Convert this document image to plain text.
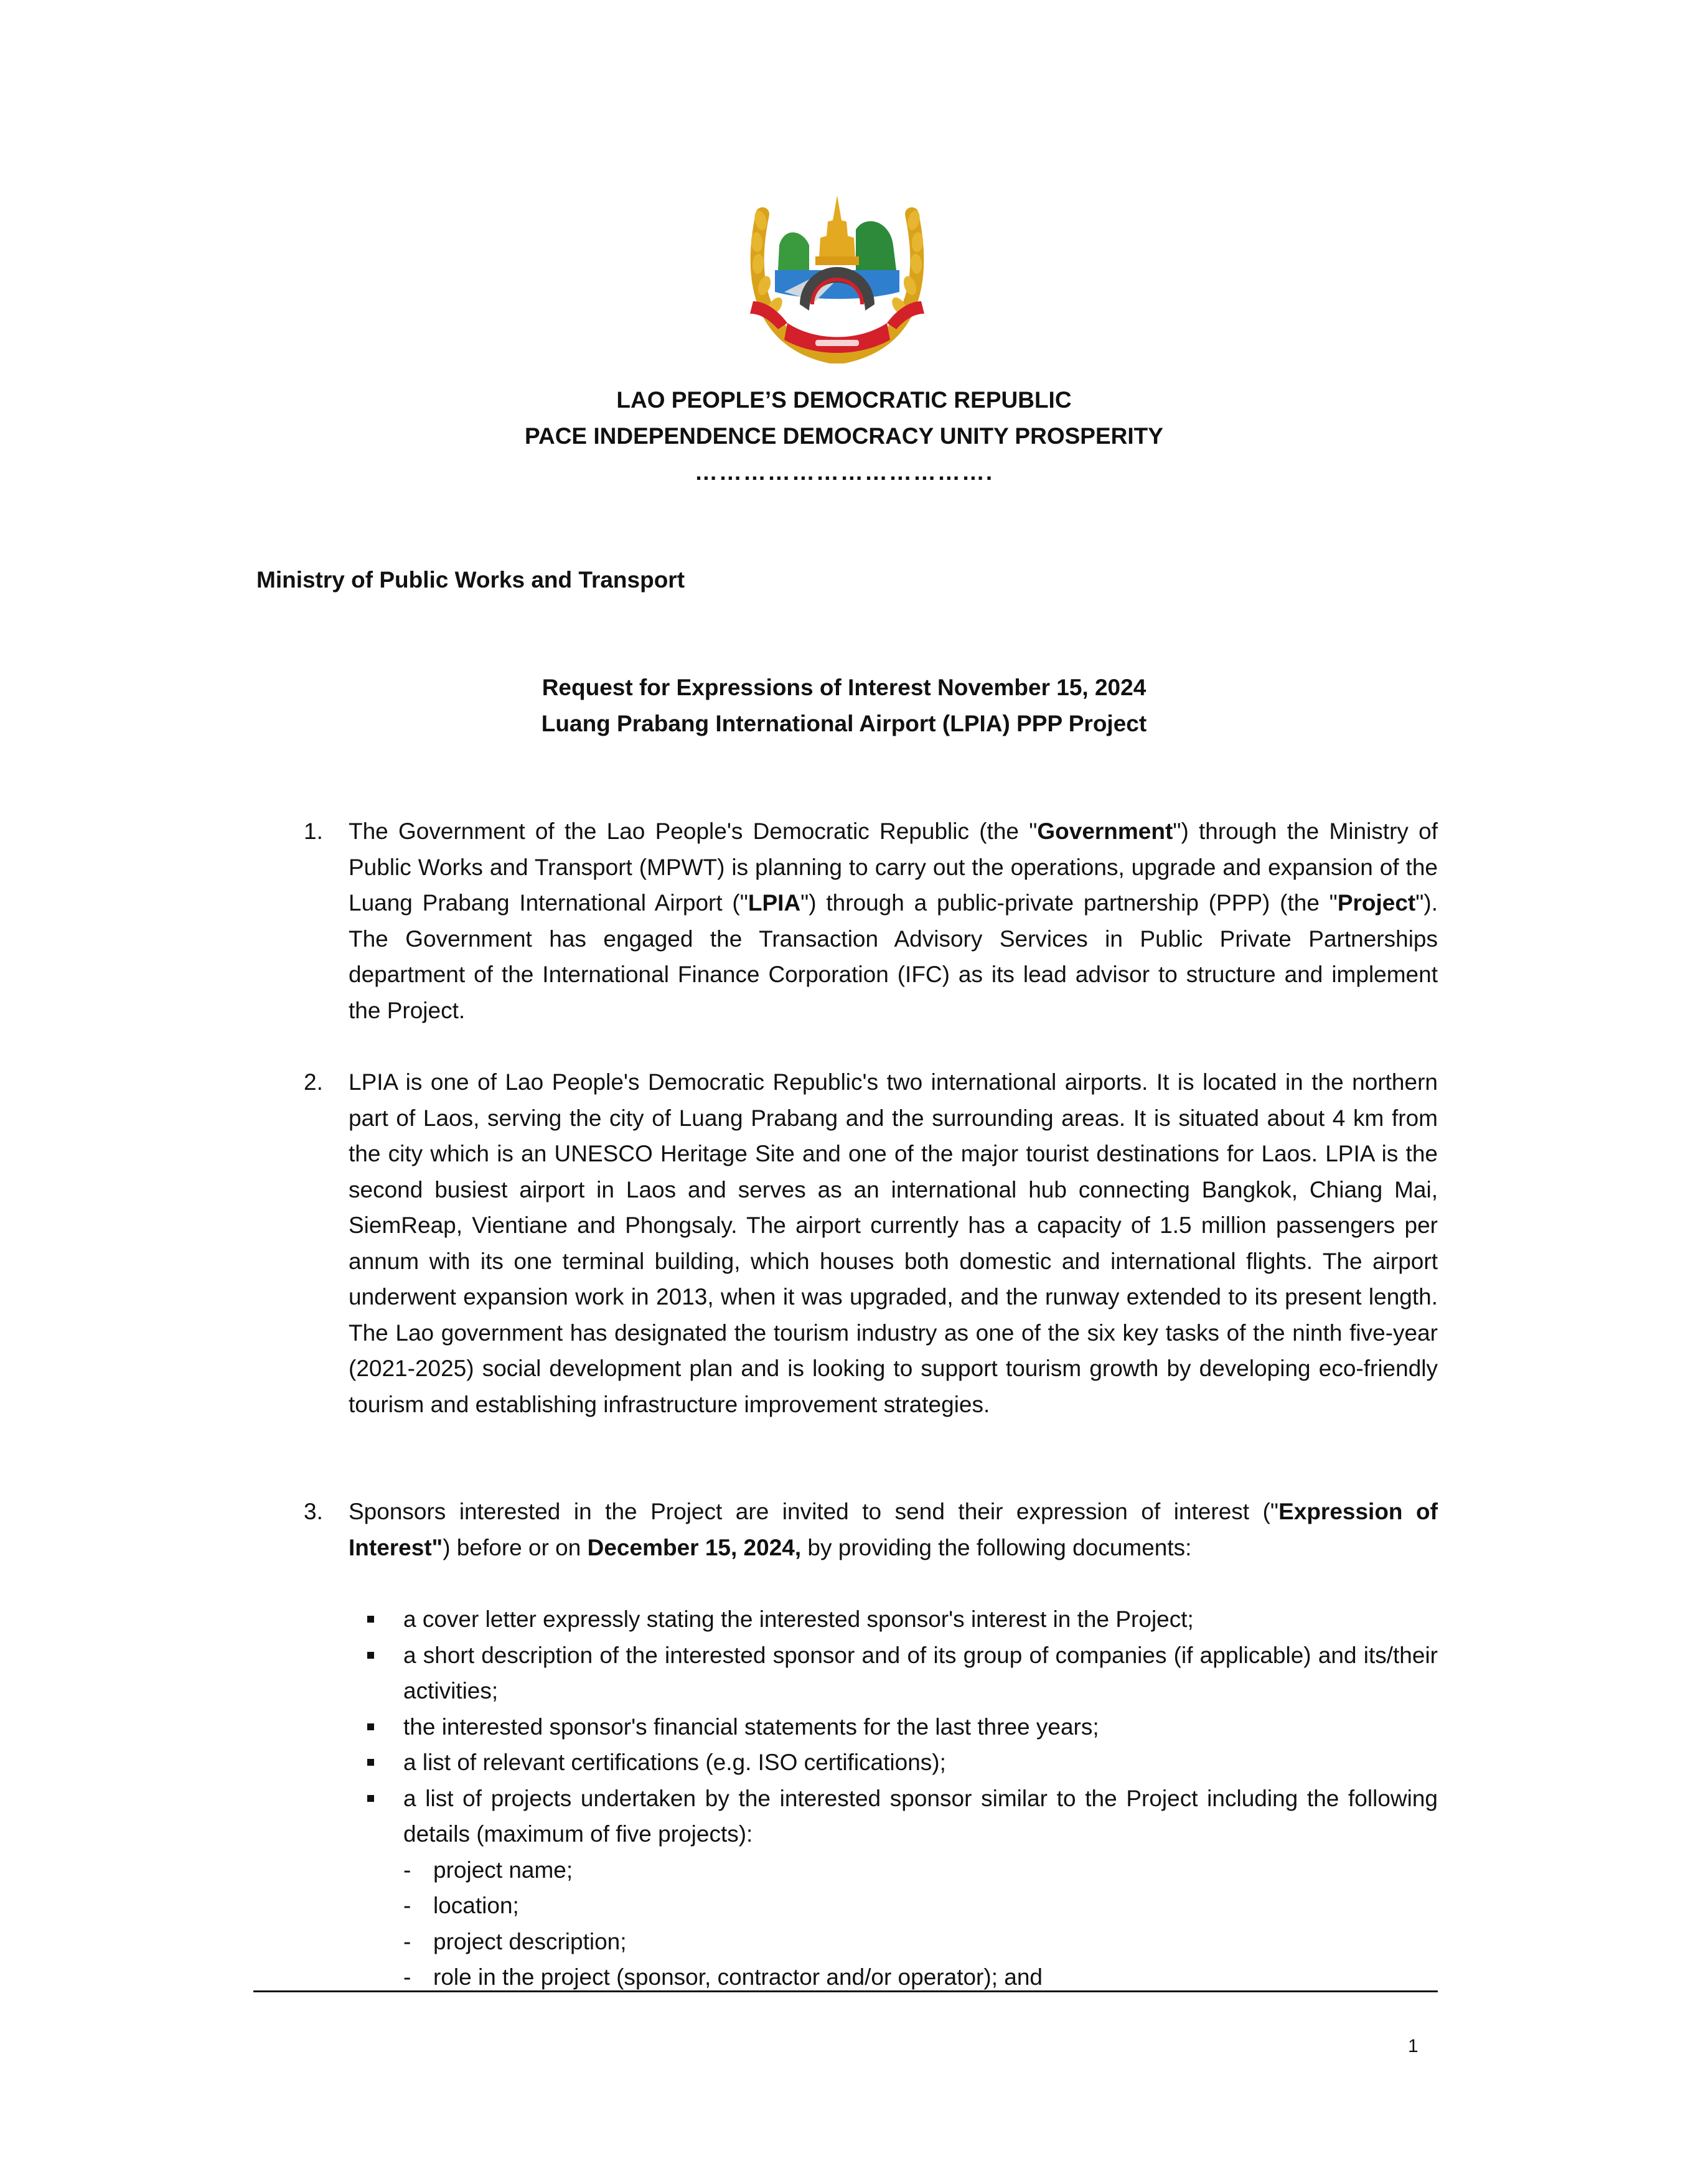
LAO PEOPLE’S DEMOCRATIC REPUBLIC
PACE INDEPENDENCE DEMOCRACY UNITY PROSPERITY
……………………………….
Ministry of Public Works and Transport
Request for Expressions of Interest November 15, 2024
Luang Prabang International Airport (LPIA) PPP Project
1. The Government of the Lao People's Democratic Republic (the "Government") through the Ministry of Public Works and Transport (MPWT) is planning to carry out the operations, upgrade and expansion of the Luang Prabang International Airport ("LPIA") through a public-private partnership (PPP) (the "Project"). The Government has engaged the Transaction Advisory Services in Public Private Partnerships department of the International Finance Corporation (IFC) as its lead advisor to structure and implement the Project.
2. LPIA is one of Lao People's Democratic Republic's two international airports. It is located in the northern part of Laos, serving the city of Luang Prabang and the surrounding areas. It is situated about 4 km from the city which is an UNESCO Heritage Site and one of the major tourist destinations for Laos. LPIA is the second busiest airport in Laos and serves as an international hub connecting Bangkok, Chiang Mai, SiemReap, Vientiane and Phongsaly. The airport currently has a capacity of 1.5 million passengers per annum with its one terminal building, which houses both domestic and international flights. The airport underwent expansion work in 2013, when it was upgraded, and the runway extended to its present length. The Lao government has designated the tourism industry as one of the six key tasks of the ninth five-year (2021-2025) social development plan and is looking to support tourism growth by developing eco-friendly tourism and establishing infrastructure improvement strategies.
3. Sponsors interested in the Project are invited to send their expression of interest ("Expression of Interest") before or on December 15, 2024, by providing the following documents:
a cover letter expressly stating the interested sponsor's interest in the Project;
a short description of the interested sponsor and of its group of companies (if applicable) and its/their activities;
the interested sponsor's financial statements for the last three years;
a list of relevant certifications (e.g. ISO certifications);
a list of projects undertaken by the interested sponsor similar to the Project including the following details (maximum of five projects):
- project name;
- location;
- project description;
- role in the project (sponsor, contractor and/or operator); and
1
